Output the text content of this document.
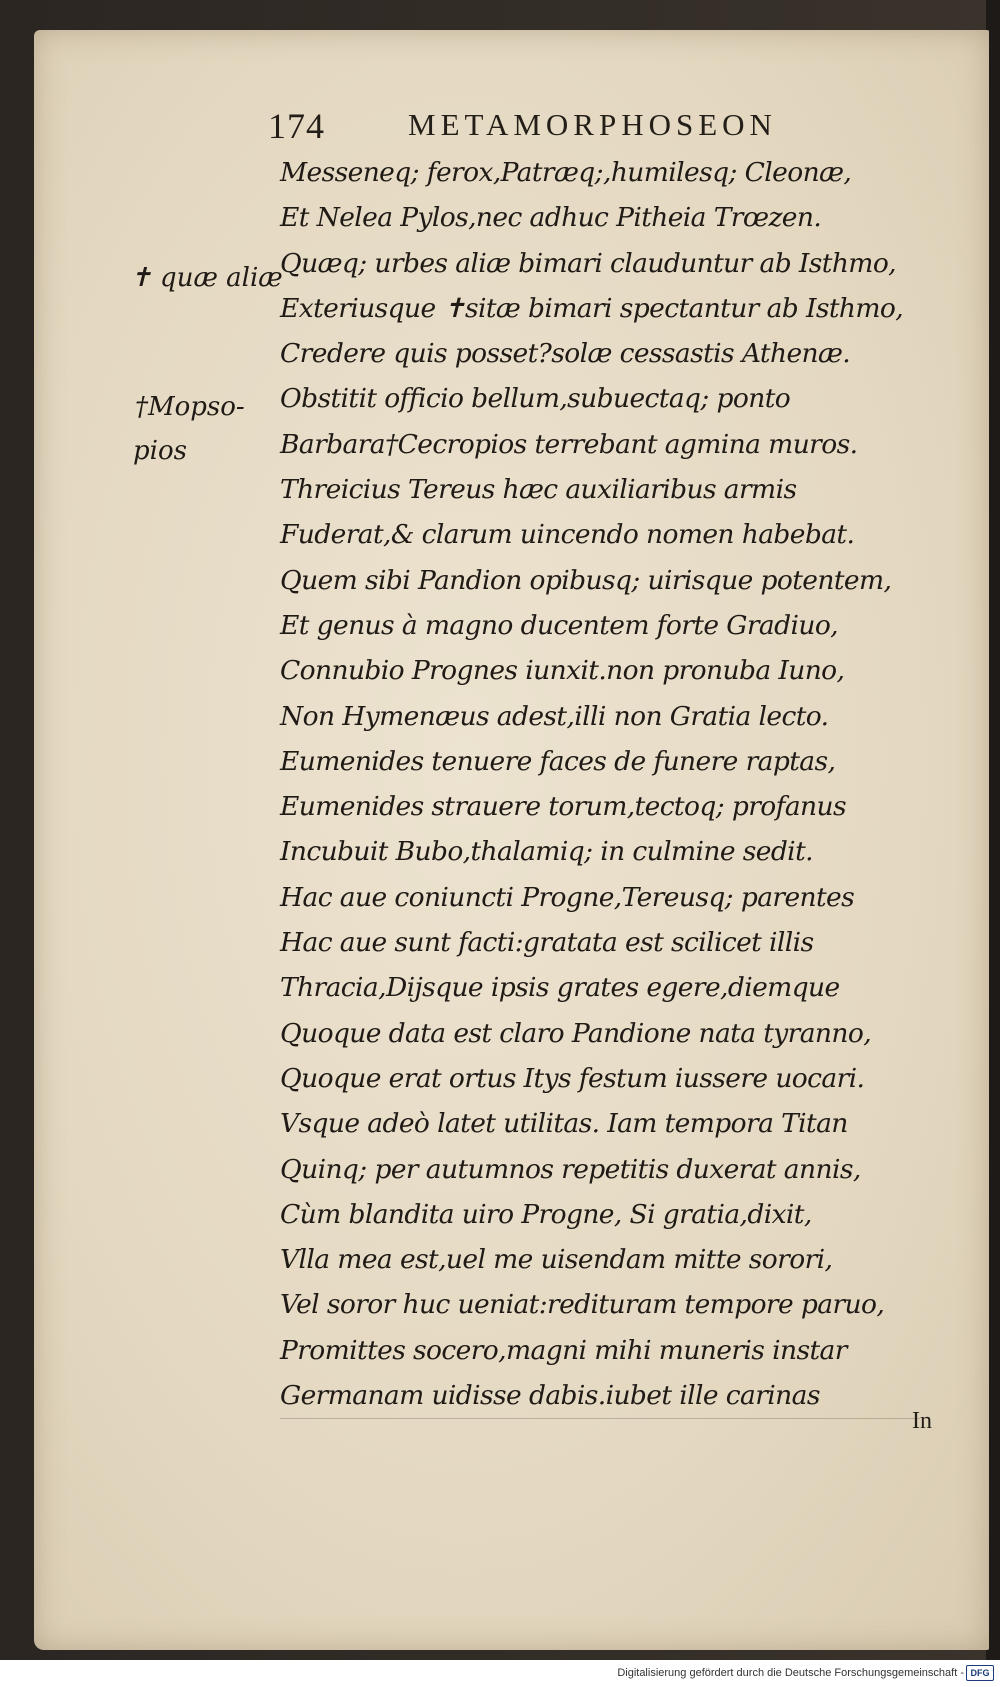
174	METAMORPHOSEON
✝ quæ aliæ
†Mopso-
pios
Messeneq; ferox,Patræq;,humilesq; Cleonæ,
Et Nelea Pylos,nec adhuc Pitheia Trœzen.
Quæq; urbes aliæ bimari clauduntur ab Isthmo,
Exteriusque ✝sitæ bimari spectantur ab Isthmo,
Credere quis posset?solæ cessastis Athenæ.
Obstitit officio bellum,subuectaq; ponto
Barbara†Cecropios terrebant agmina muros.
Threicius Tereus hæc auxiliaribus armis
Fuderat,& clarum uincendo nomen habebat.
Quem sibi Pandion opibusq; uirisque potentem,
Et genus à magno ducentem forte Gradiuo,
Connubio Prognes iunxit.non pronuba Iuno,
Non Hymenæus adest,illi non Gratia lecto.
Eumenides tenuere faces de funere raptas,
Eumenides strauere torum,tectoq; profanus
Incubuit Bubo,thalamiq; in culmine sedit.
Hac aue coniuncti Progne,Tereusq; parentes
Hac aue sunt facti:gratata est scilicet illis
Thracia,Dijsque ipsis grates egere,diemque
Quoque data est claro Pandione nata tyranno,
Quoque erat ortus Itys festum iussere uocari.
Vsque adeò latet utilitas. Iam tempora Titan
Quinq; per autumnos repetitis duxerat annis,
Cùm blandita uiro Progne, Si gratia,dixit,
Vlla mea est,uel me uisendam mitte sorori,
Vel soror huc ueniat:redituram tempore paruo,
Promittes socero,magni mihi muneris instar
Germanam uidisse dabis.iubet ille carinas
In
Digitalisierung gefördert durch die Deutsche Forschungsgemeinschaft - DFG
